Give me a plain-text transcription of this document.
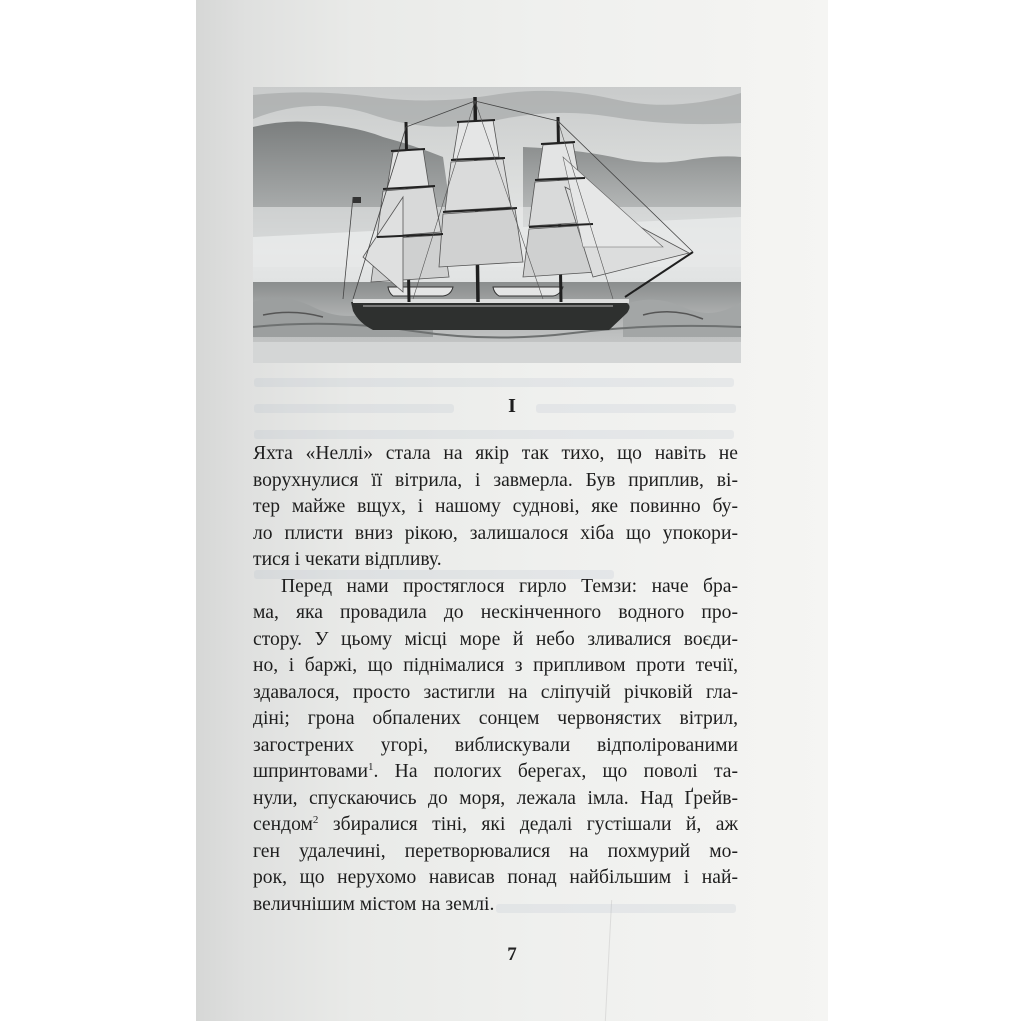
I
Яхта «Неллі» стала на якір так тихо, що навіть не
ворухнулися її вітрила, і завмерла. Був приплив, ві-
тер майже вщух, і нашому суднові, яке повинно бу-
ло плисти вниз рікою, залишалося хіба що упокори-
тися і чекати відпливу.
Перед нами простяглося гирло Темзи: наче бра-
ма, яка провадила до нескінченного водного про-
стору. У цьому місці море й небо зливалися воєди-
но, і баржі, що піднімалися з припливом проти течії,
здавалося, просто застигли на сліпучій річковій гла-
діні; грона обпалених сонцем червонястих вітрил,
загострених угорі, виблискували відполірованими
шпринтовами$^1$. На пологих берегах, що поволі та-
нули, спускаючись до моря, лежала імла. Над Ґрейв-
сендом$^2$ збиралися тіні, які дедалі густішали й, аж
ген удалечині, перетворювалися на похмурий мо-
рок, що нерухомо нависав понад найбільшим і най-
величнішим містом на землі.
7
